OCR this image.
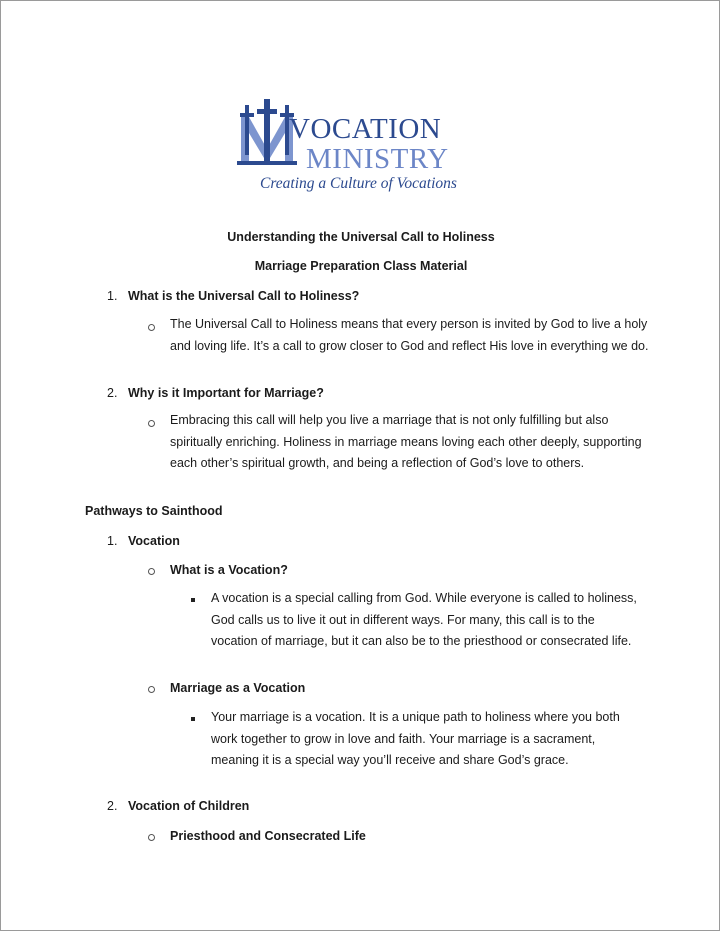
VOCATION
MINISTRY
Creating a Culture of Vocations
Understanding the Universal Call to Holiness
Marriage Preparation Class Material
1. What is the Universal Call to Holiness?
The Universal Call to Holiness means that every person is invited by God to live a holy and loving life. It’s a call to grow closer to God and reflect His love in everything we do.
2. Why is it Important for Marriage?
Embracing this call will help you live a marriage that is not only fulfilling but also spiritually enriching. Holiness in marriage means loving each other deeply, supporting each other’s spiritual growth, and being a reflection of God’s love to others.
Pathways to Sainthood
1. Vocation
What is a Vocation?
A vocation is a special calling from God. While everyone is called to holiness, God calls us to live it out in different ways. For many, this call is to the vocation of marriage, but it can also be to the priesthood or consecrated life.
Marriage as a Vocation
Your marriage is a vocation. It is a unique path to holiness where you both work together to grow in love and faith. Your marriage is a sacrament, meaning it is a special way you’ll receive and share God’s grace.
2. Vocation of Children
Priesthood and Consecrated Life
